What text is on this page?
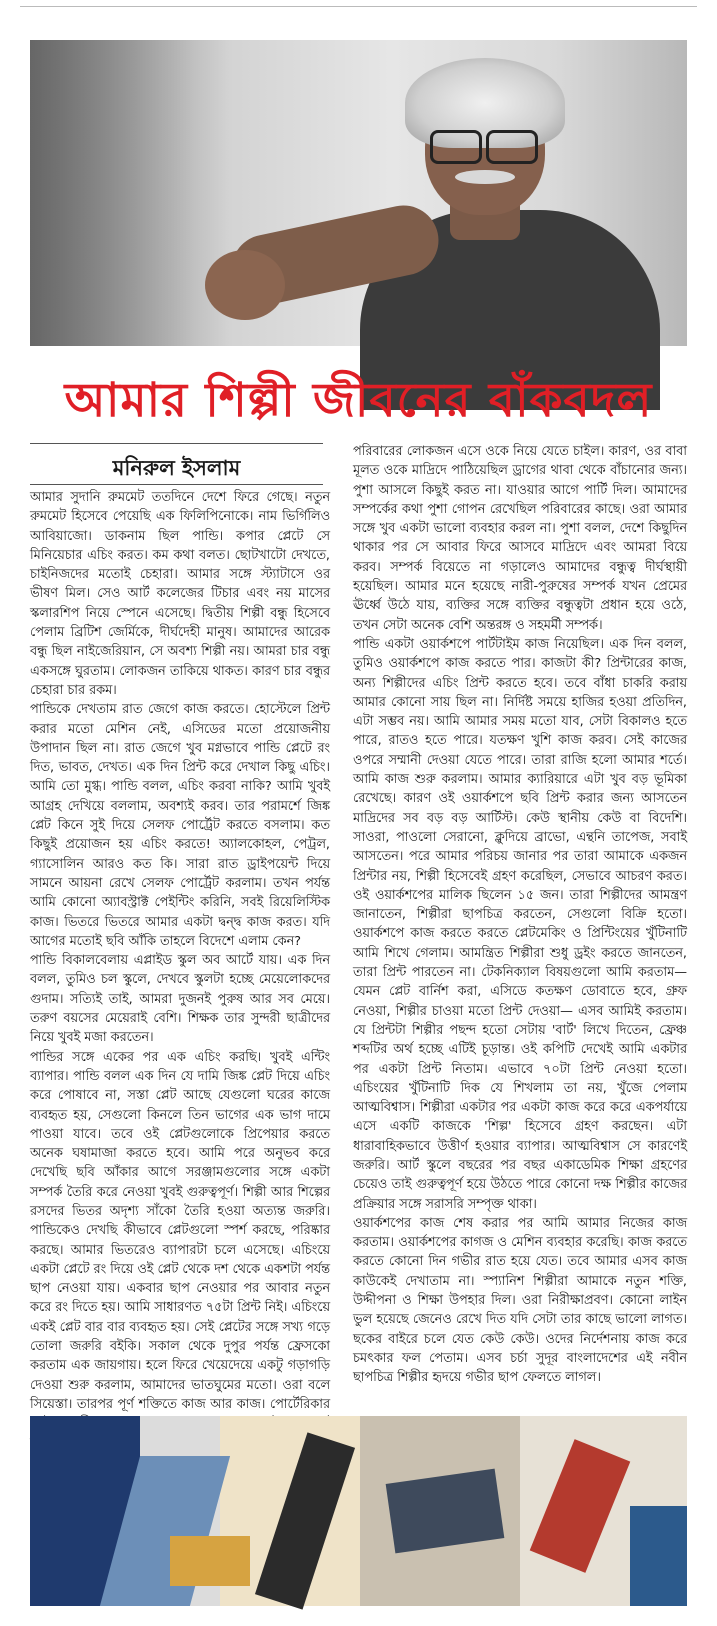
আমার শিল্পী জীবনের বাঁকবদল
মনিরুল ইসলাম

আমার সুদানি রুমমেট ততদিনে দেশে ফিরে গেছে। নতুন রুমমেট হিসেবে পেয়েছি এক ফিলিপিনোকে। নাম ভির্গিলিও আবিয়াজো। ডাকনাম ছিল পান্ডি। কপার প্লেটে সে মিনিয়েচার এচিং করত। কম কথা বলত। ছোটখাটো দেখতে, চাইনিজদের মতোই চেহারা। আমার সঙ্গে স্ট্যাটাসে ওর ভীষণ মিল। সেও আর্ট কলেজের টিচার এবং নয় মাসের স্কলারশিপ নিয়ে স্পেনে এসেছে। দ্বিতীয় শিল্পী বন্ধু হিসেবে পেলাম ব্রিটিশ জের্মিকে, দীর্ঘদেহী মানুষ। আমাদের আরেক বন্ধু ছিল নাইজেরিয়ান, সে অবশ্য শিল্পী নয়। আমরা চার বন্ধু একসঙ্গে ঘুরতাম। লোকজন তাকিয়ে থাকত। কারণ চার বন্ধুর চেহারা চার রকম।

পান্ডিকে দেখতাম রাত জেগে কাজ করতে। হোস্টেলে প্রিন্ট করার মতো মেশিন নেই, এসিডের মতো প্রয়োজনীয় উপাদান ছিল না। রাত জেগে খুব মগ্নভাবে পান্ডি প্লেটে রং দিত, ভাবত, দেখত। এক দিন প্রিন্ট করে দেখাল কিছু এচিং। আমি তো মুগ্ধ। পান্ডি বলল, এচিং করবা নাকি? আমি খুবই আগ্রহ দেখিয়ে বললাম, অবশ্যই করব। তার পরামর্শে জিঙ্ক প্লেট কিনে সুই দিয়ে সেলফ পোর্ট্রেট করতে বসলাম। কত কিছুই প্রয়োজন হয় এচিং করতে! অ্যালকোহল, পেট্রল, গ্যাসোলিন আরও কত কি। সারা রাত ড্রাইপয়েন্ট দিয়ে সামনে আয়না রেখে সেলফ পোর্ট্রেট করলাম। তখন পর্যন্ত আমি কোনো অ্যাবস্ট্রাক্ট পেইন্টিং করিনি, সবই রিয়েলিস্টিক কাজ। ভিতরে ভিতরে আমার একটা দ্বন্দ্ব কাজ করত। যদি আগের মতোই ছবি আঁকি তাহলে বিদেশে এলাম কেন?

পান্ডি বিকালবেলায় এপ্লাইড স্কুল অব আর্টে যায়। এক দিন বলল, তুমিও চল স্কুলে, দেখবে স্কুলটা হচ্ছে মেয়েলোকদের গুদাম। সত্যিই তাই, আমরা দুজনই পুরুষ আর সব মেয়ে। তরুণ বয়সের মেয়েরাই বেশি। শিক্ষক তার সুন্দরী ছাত্রীদের নিয়ে খুবই মজা করতেন।

পান্ডির সঙ্গে একের পর এক এচিং করছি। খুবই এন্টিং ব্যাপার। পান্ডি বলল এক দিন যে দামি জিঙ্ক প্লেট দিয়ে এচিং করে পোষাবে না, সস্তা প্লেট আছে যেগুলো ঘরের কাজে ব্যবহৃত হয়, সেগুলো কিনলে তিন ভাগের এক ভাগ দামে পাওয়া যাবে। তবে ওই প্লেটগুলোকে প্রিপেয়ার করতে অনেক ঘষামাজা করতে হবে। আমি পরে অনুভব করে দেখেছি ছবি আঁকার আগে সরঞ্জামগুলোর সঙ্গে একটা সম্পর্ক তৈরি করে নেওয়া খুবই গুরুত্বপূর্ণ। শিল্পী আর শিল্পের রসদের ভিতর অদৃশ্য সাঁকো তৈরি হওয়া অত্যন্ত জরুরি। পান্ডিকেও দেখছি কীভাবে প্লেটগুলো স্পর্শ করছে, পরিষ্কার করছে। আমার ভিতরেও ব্যাপারটা চলে এসেছে। এচিংয়ে একটা প্লেটে রং দিয়ে ওই প্লেট থেকে দশ থেকে একশটা পর্যন্ত ছাপ নেওয়া যায়। একবার ছাপ নেওয়ার পর আবার নতুন করে রং দিতে হয়। আমি সাধারণত ৭৫টা প্রিন্ট নিই। এচিংয়ে একই প্লেট বার বার ব্যবহৃত হয়। সেই প্লেটের সঙ্গে সখ্য গড়ে তোলা জরুরি বইকি। সকাল থেকে দুপুর পর্যন্ত ফ্রেসকো করতাম এক জায়গায়। হলে ফিরে খেয়েদেয়ে একটু গড়াগড়ি দেওয়া শুরু করলাম, আমাদের ভাতঘুমের মতো। ওরা বলে সিয়েস্তা। তারপর পূর্ণ শক্তিতে কাজ আর কাজ। পোর্টেরিকার

পরিবারের লোকজন এসে ওকে নিয়ে যেতে চাইল। কারণ, ওর বাবা মূলত ওকে মাদ্রিদে পাঠিয়েছিল ড্রাগের থাবা থেকে বাঁচানোর জন্য। পুশা আসলে কিছুই করত না। যাওয়ার আগে পার্টি দিল। আমাদের সম্পর্কের কথা পুশা গোপন রেখেছিল পরিবারের কাছে। ওরা আমার সঙ্গে খুব একটা ভালো ব্যবহার করল না। পুশা বলল, দেশে কিছুদিন থাকার পর সে আবার ফিরে আসবে মাদ্রিদে এবং আমরা বিয়ে করব। সম্পর্ক বিয়েতে না গড়ালেও আমাদের বন্ধুত্ব দীর্ঘস্থায়ী হয়েছিল। আমার মনে হয়েছে নারী-পুরুষের সম্পর্ক যখন প্রেমের ঊর্ধ্বে উঠে যায়, ব্যক্তির সঙ্গে ব্যক্তির বন্ধুত্বটা প্রধান হয়ে ওঠে, তখন সেটা অনেক বেশি অন্তরঙ্গ ও সহমর্মী সম্পর্ক।

পান্ডি একটা ওয়ার্কশপে পার্টটাইম কাজ নিয়েছিল। এক দিন বলল, তুমিও ওয়ার্কশপে কাজ করতে পার। কাজটা কী? প্রিন্টারের কাজ, অন্য শিল্পীদের এচিং প্রিন্ট করতে হবে। তবে বাঁধা চাকরি করায় আমার কোনো সায় ছিল না। নির্দিষ্ট সময়ে হাজির হওয়া প্রতিদিন, এটা সম্ভব নয়। আমি আমার সময় মতো যাব, সেটা বিকালও হতে পারে, রাতও হতে পারে। যতক্ষণ খুশি কাজ করব। সেই কাজের ওপরে সম্মানী দেওয়া যেতে পারে। তারা রাজি হলো আমার শর্তে। আমি কাজ শুরু করলাম। আমার ক্যারিয়ারে এটা খুব বড় ভূমিকা রেখেছে। কারণ ওই ওয়ার্কশপে ছবি প্রিন্ট করার জন্য আসতেন মাদ্রিদের সব বড় বড় আর্টিস্ট। কেউ স্থানীয় কেউ বা বিদেশি। সাওরা, পাওলো সেরানো, ক্লুদিয়ে ব্রাভো, এন্থনি তাপেজ, সবাই আসতেন। পরে আমার পরিচয় জানার পর তারা আমাকে একজন প্রিন্টার নয়, শিল্পী হিসেবেই গ্রহণ করেছিল, সেভাবে আচরণ করত। ওই ওয়ার্কশপের মালিক ছিলেন ১৫ জন। তারা শিল্পীদের আমন্ত্রণ জানাতেন, শিল্পীরা ছাপচিত্র করতেন, সেগুলো বিক্রি হতো। ওয়ার্কশপে কাজ করতে করতে প্লেটমেকিং ও প্রিন্টিংয়ের খুঁটিনাটি আমি শিখে গেলাম। আমন্ত্রিত শিল্পীরা শুধু ড্রইং করতে জানতেন, তারা প্রিন্ট পারতেন না। টেকনিক্যাল বিষয়গুলো আমি করতাম— যেমন প্লেট বার্নিশ করা, এসিডে কতক্ষণ ডোবাতে হবে, গ্রুফ নেওয়া, শিল্পীর চাওয়া মতো প্রিন্ট দেওয়া— এসব আমিই করতাম। যে প্রিন্টটা শিল্পীর পছন্দ হতো সেটায় 'বার্ট' লিখে দিতেন, ফ্রেঞ্চ শব্দটির অর্থ হচ্ছে এটিই চূড়ান্ত। ওই কপিটি দেখেই আমি একটার পর একটা প্রিন্ট নিতাম। এভাবে ৭০টা প্রিন্ট নেওয়া হতো। এচিংয়ের খুঁটিনাটি দিক যে শিখলাম তা নয়, খুঁজে পেলাম আত্মবিশ্বাস। শিল্পীরা একটার পর একটা কাজ করে করে একপর্যায়ে এসে একটি কাজকে 'শিল্প' হিসেবে গ্রহণ করছেন। এটা ধারাবাহিকভাবে উত্তীর্ণ হওয়ার ব্যাপার। আত্মবিশ্বাস সে কারণেই জরুরি। আর্ট স্কুলে বছরের পর বছর একাডেমিক শিক্ষা গ্রহণের চেয়েও তাই গুরুত্বপূর্ণ হয়ে উঠতে পারে কোনো দক্ষ শিল্পীর কাজের প্রক্রিয়ার সঙ্গে সরাসরি সম্পৃক্ত থাকা।

ওয়ার্কশপের কাজ শেষ করার পর আমি আমার নিজের কাজ করতাম। ওয়ার্কশপের কাগজ ও মেশিন ব্যবহার করেছি। কাজ করতে করতে কোনো দিন গভীর রাত হয়ে যেত। তবে আমার এসব কাজ কাউকেই দেখাতাম না। স্প্যানিশ শিল্পীরা আমাকে নতুন শক্তি, উদ্দীপনা ও শিক্ষা উপহার দিল। ওরা নিরীক্ষাপ্রবণ। কোনো লাইন ভুল হয়েছে জেনেও রেখে দিত যদি সেটা তার কাছে ভালো লাগত। ছকের বাইরে চলে যেত কেউ কেউ। ওদের নির্দেশনায় কাজ করে চমৎকার ফল পেতাম। এসব চর্চা সুদূর বাংলাদেশের এই নবীন ছাপচিত্র শিল্পীর হৃদয়ে গভীর ছাপ ফেলতে লাগল।
